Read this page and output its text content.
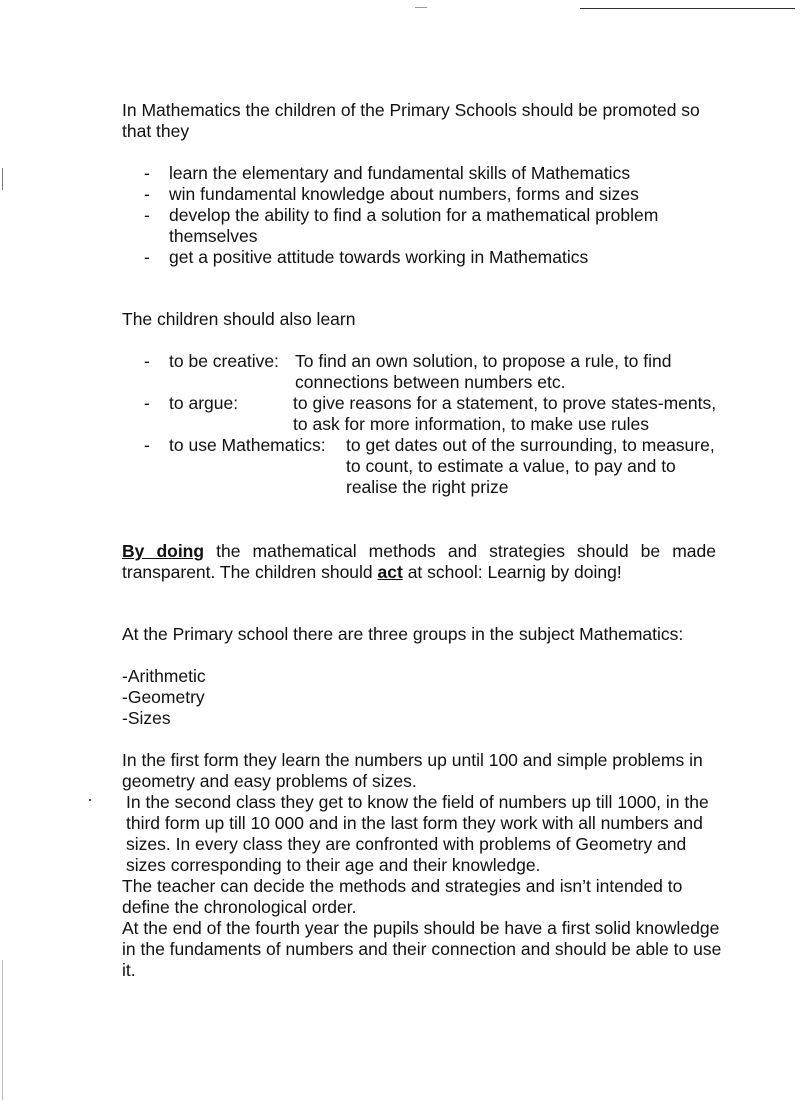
In Mathematics the children of the Primary Schools should be promoted so that they

- learn the elementary and fundamental skills of Mathematics
- win fundamental knowledge about numbers, forms and sizes
- develop the ability to find a solution for a mathematical problem themselves
- get a positive attitude towards working in Mathematics

The children should also learn

- to be creative: To find an own solution, to propose a rule, to find connections between numbers etc.
- to argue:	to give reasons for a statement, to prove states-ments, to ask for more information, to make use rules
- to use Mathematics:	to get dates out of the surrounding, to measure, to count, to estimate a value, to pay and to realise the right prize

By doing the mathematical methods and strategies should be made transparent. The children should act at school: Learnig by doing!

At the Primary school there are three groups in the subject Mathematics:

-Arithmetic

-Geometry

-Sizes

In the first form they learn the numbers up until 100 and simple problems in geometry and easy problems of sizes.

In the second class they get to know the field of numbers up till 1000, in the third form up till 10 000 and in the last form they work with all numbers and sizes. In every class they are confronted with problems of Geometry and sizes corresponding to their age and their knowledge.

The teacher can decide the methods and strategies and isn’t intended to define the chronological order.

At the end of the fourth year the pupils should be have a first solid knowledge in the fundaments of numbers and their connection and should be able to use it.
